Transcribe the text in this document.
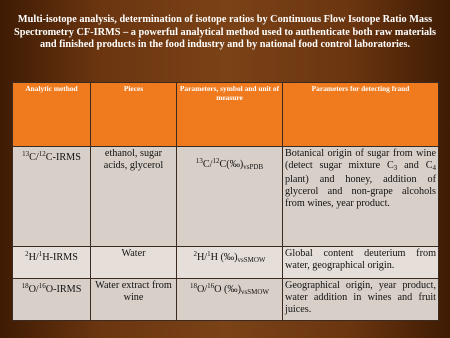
Multi-isotope analysis, determination of isotope ratios by Continuous Flow Isotope Ratio Mass Spectrometry CF-IRMS – a powerful analytical method used to authenticate both raw materials and finished products in the food industry and by national food control laboratories.
Analytic method	Pieces	Parameters, symbol and unit of measure	Parameters for detecting fraud
$^{13}$C/$^{12}$C-IRMS	ethanol, sugar acids, glycerol	$^{13}C/^{12}C(‰)_{vsPDB}$	Botanical origin of sugar from wine (detect sugar mixture $C_3$ and $C_4$ plant) and honey, addition of glycerol and non-grape alcohols from wines, year product.
$^2$H/$^1$H-IRMS	Water	$^2$H/$^1$H $(‰)_{vsSMOW}$	Global content deuterium from water, geographical origin.
$^{18}$O/$^{16}$O-IRMS	Water extract from wine	$^{18}$O/$^{16}$O $(‰)_{vsSMOW}$	Geographical origin, year product, water addition in wines and fruit juices.
